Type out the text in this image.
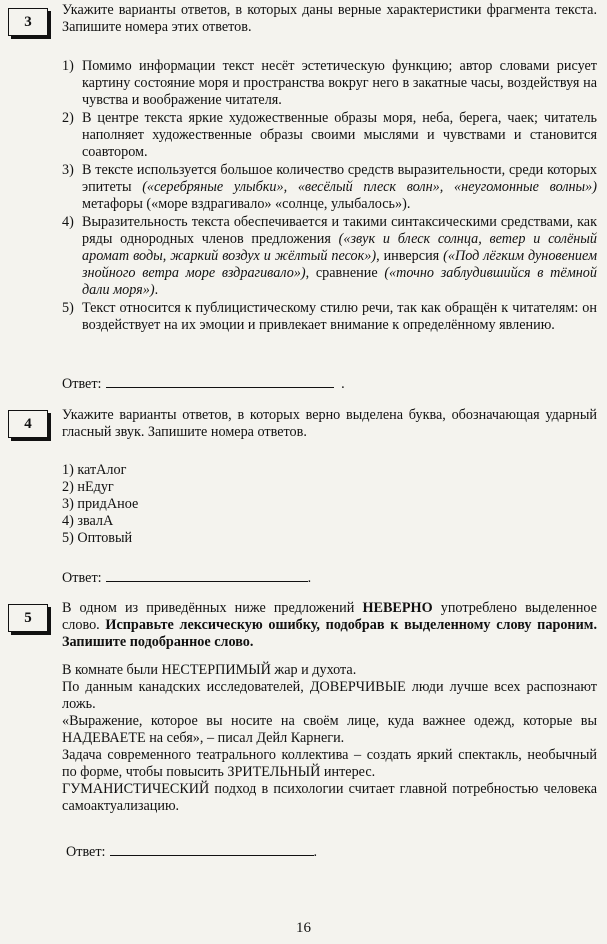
3
Укажите варианты ответов, в которых даны верные характеристики фрагмента текста. Запишите номера этих ответов.
1) Помимо информации текст несёт эстетическую функцию; автор словами рисует картину состояние моря и пространства вокруг него в закатные часы, воздействуя на чувства и воображение читателя.
2) В центре текста яркие художественные образы моря, неба, берега, чаек; читатель наполняет художественные образы своими мыслями и чувствами и становится соавтором.
3) В тексте используется большое количество средств выразительности, среди которых эпитеты («серебряные улыбки», «весёлый плеск волн», «неугомонные волны») метафоры («море вздрагивало» «солнце, улыбалось»).
4) Выразительность текста обеспечивается и такими синтаксическими средствами, как ряды однородных членов предложения («звук и блеск солнца, ветер и солёный аромат воды, жаркий воздух и жёлтый песок»), инверсия («Под лёгким дуновением знойного ветра море вздрагивало»), сравнение («точно заблудившийся в тёмной дали моря»).
5) Текст относится к публицистическому стилю речи, так как обращён к читателям: он воздействует на их эмоции и привлекает внимание к определённому явлению.
Ответ:	.
4
Укажите варианты ответов, в которых верно выделена буква, обозначающая ударный гласный звук. Запишите номера ответов.
1) катАлог
2) нЕдуг
3) придАное
4) звалА
5) Оптовый
Отвeт:	.
5
В одном из приведённых ниже предложений НЕВЕРНО употреблено выделенное слово. Исправьте лексическую ошибку, подобрав к выделенному слову пароним. Запишите подобранное слово.
В комнате были НЕСТЕРПИМЫЙ жар и духота.
По данным канадских исследователей, ДОВЕРЧИВЫЕ люди лучше всех распознают ложь.
«Выражение, которое вы носите на своём лице, куда важнее одежд, которые вы НАДЕВАЕТЕ на себя», – писал Дейл Карнеги.
Задача современного театрального коллектива – создать яркий спектакль, необычный по форме, чтобы повысить ЗРИТЕЛЬНЫЙ интерес.
ГУМАНИСТИЧЕСКИЙ подход в психологии считает главной потребностью человека самоактуализацию.
Ответ:	.
16
